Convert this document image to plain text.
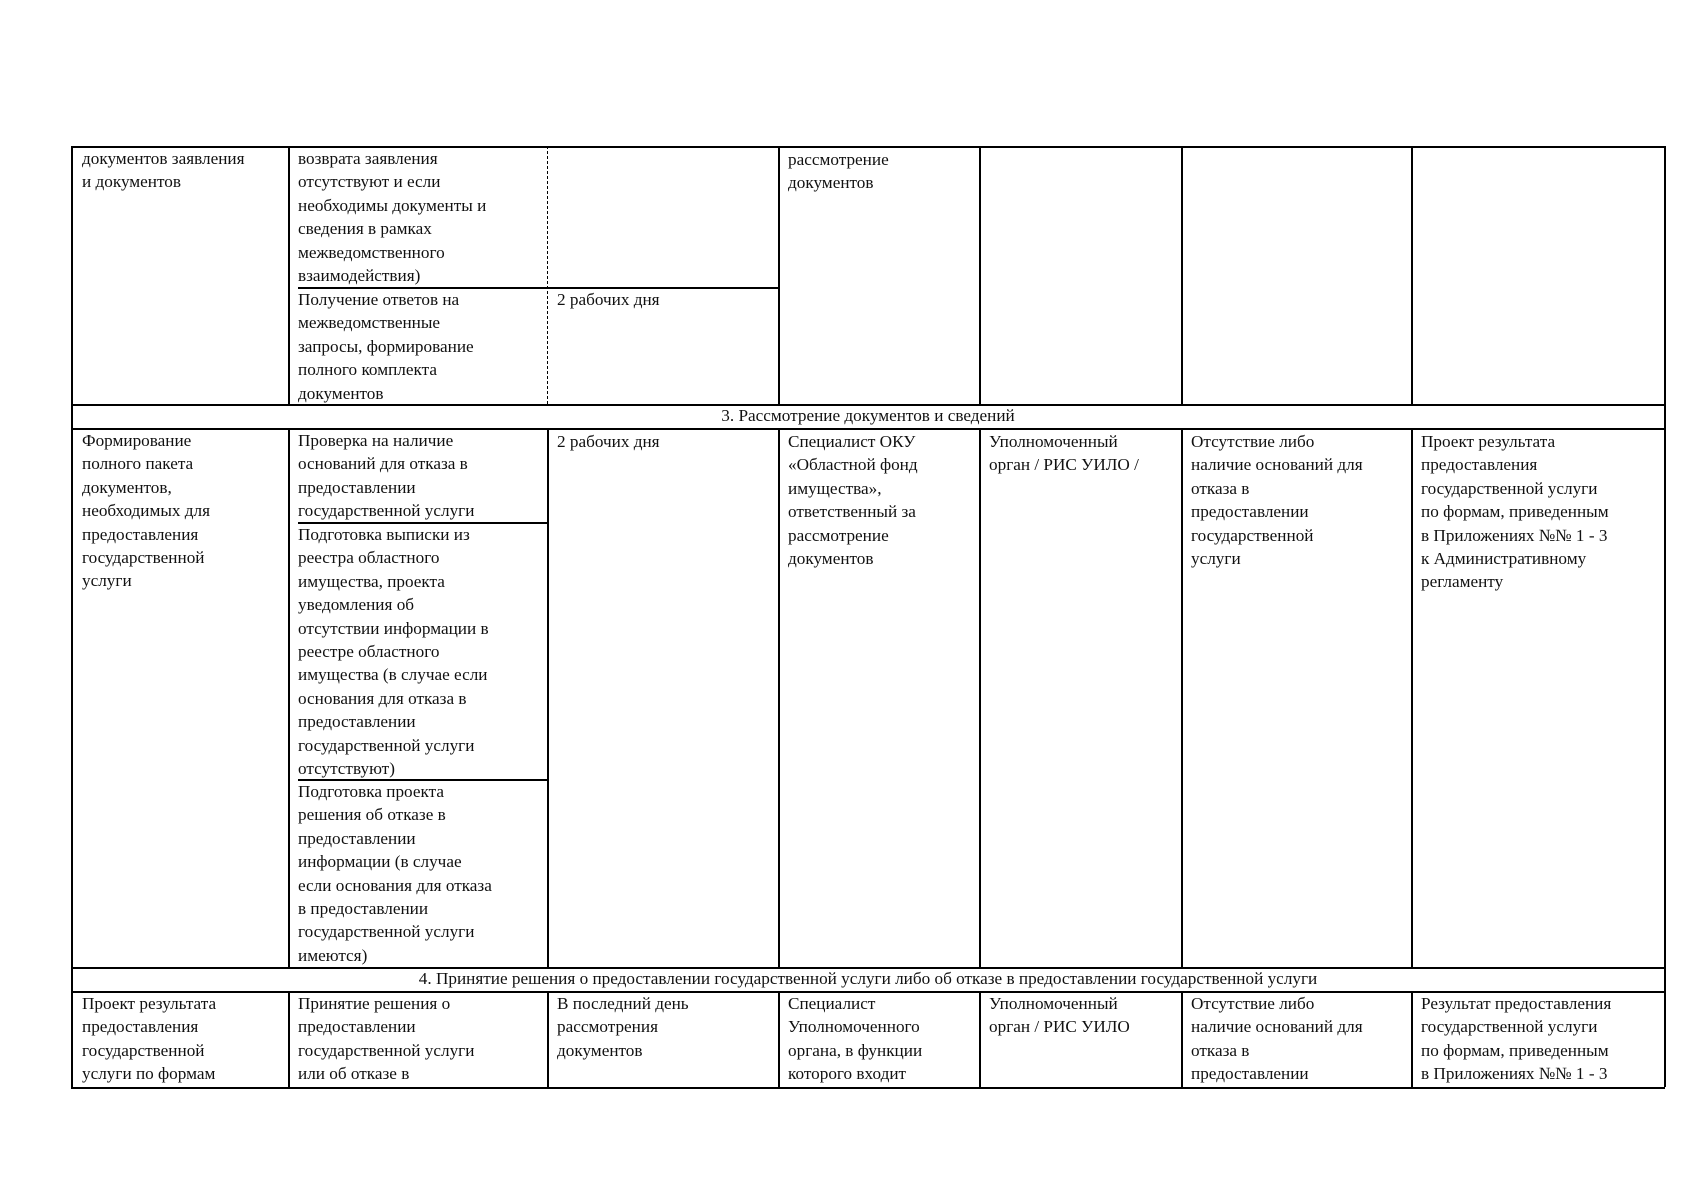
документов заявления
и документов
возврата заявления
отсутствуют и если
необходимы документы и
сведения в рамках
межведомственного
взаимодействия)
Получение ответов на
межведомственные
запросы, формирование
полного комплекта
документов
2 рабочих дня
рассмотрение
документов
3. Рассмотрение документов и сведений
Формирование
полного пакета
документов,
необходимых для
предоставления
государственной
услуги
Проверка на наличие
оснований для отказа в
предоставлении
государственной услуги
Подготовка выписки из
реестра областного
имущества, проекта
уведомления об
отсутствии информации в
реестре областного
имущества (в случае если
основания для отказа в
предоставлении
государственной услуги
отсутствуют)
Подготовка проекта
решения об отказе в
предоставлении
информации (в случае
если основания для отказа
в предоставлении
государственной услуги
имеются)
2 рабочих дня	Специалист ОКУ
«Областной фонд
имущества»,
ответственный за
рассмотрение
документов
Уполномоченный
орган / РИС УИЛО /
Отсутствие либо
наличие оснований для
отказа в
предоставлении
государственной
услуги
Проект результата
предоставления
государственной услуги
по формам, приведенным
в Приложениях №№ 1 - 3
к Административному
регламенту
4. Принятие решения о предоставлении государственной услуги либо об отказе в предоставлении государственной услуги
Проект результата
предоставления
государственной
услуги по формам
Принятие решения о
предоставлении
государственной услуги
или об отказе в
В последний день
рассмотрения
документов
Специалист
Уполномоченного
органа, в функции
которого входит
Уполномоченный
орган / РИС УИЛО
Отсутствие либо
наличие оснований для
отказа в
предоставлении
Результат предоставления
государственной услуги
по формам, приведенным
в Приложениях №№ 1 - 3
